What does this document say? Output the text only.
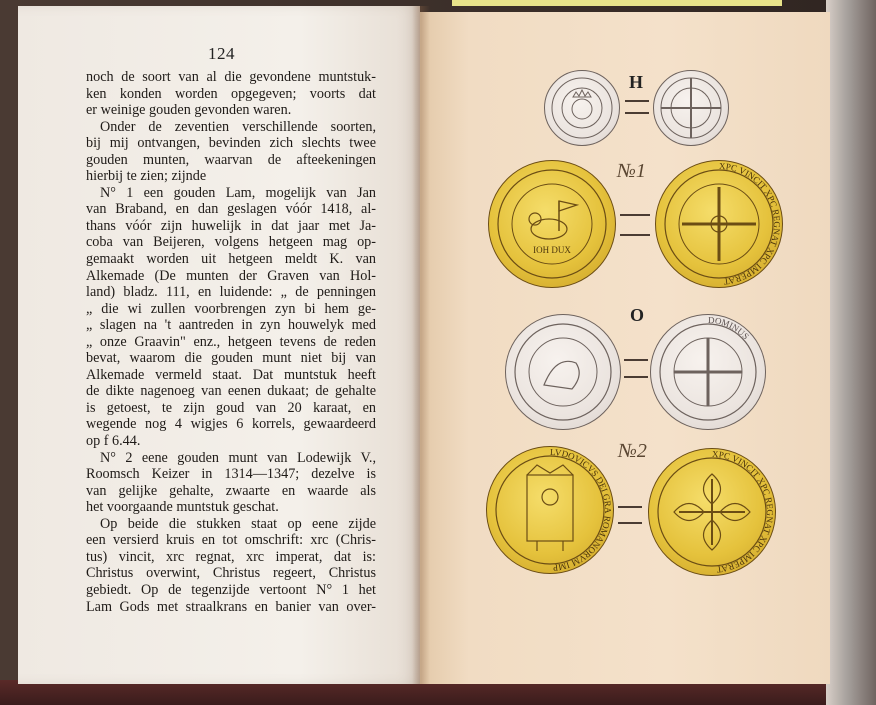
124
noch de soort van al die gevondene muntstuk-
ken konden worden opgegeven; voorts dat
er weinige gouden gevonden waren.
Onder de zeventien verschillende soorten,
bij mij ontvangen, bevinden zich slechts twee
gouden munten, waarvan de afteekeningen
hierbij te zien; zijnde
N° 1 een gouden Lam, mogelijk van Jan
van Braband, en dan geslagen vóór 1418, al-
thans vóór zijn huwelijk in dat jaar met Ja-
coba van Beijeren, volgens hetgeen mag op-
gemaakt worden uit hetgeen meldt K. van
Alkemade (De munten der Graven van Hol-
land) bladz. 111, en luidende: „ de penningen
„ die wi zullen voorbrengen zyn bi hem ge-
„ slagen na 't aantreden in zyn houwelyk med
„ onze Graavin" enz., hetgeen tevens de reden
bevat, waarom die gouden munt niet bij van
Alkemade vermeld staat. Dat muntstuk heeft
de dikte nagenoeg van eenen dukaat; de gehalte
is getoest, te zijn goud van 20 karaat, en
wegende nog 4 wigjes 6 korrels, gewaardeerd
op f 6.44.
N° 2 eene gouden munt van Lodewijk V.,
Roomsch Keizer in 1314—1347; dezelve is
van gelijke gehalte, zwaarte en waarde als
het voorgaande muntstuk geschat.
Op beide die stukken staat op eene zijde
een versierd kruis en tot omschrift: xrc (Chris-
tus) vincit, xrc regnat, xrc imperat, dat is:
Christus overwint, Christus regeert, Christus
gebiedt. Op de tegenzijde vertoont N° 1 het
Lam Gods met straalkrans en banier van over-
H
№1
IOH DUX
XPC VINCIT XPC REGNAT XPC IMPERAT
O	DOMINUS
№2
LVDOVICVS DEI GRA ROMANORVM IMP
XPC VINCIT XPC REGNAT XPC IMPERAT
